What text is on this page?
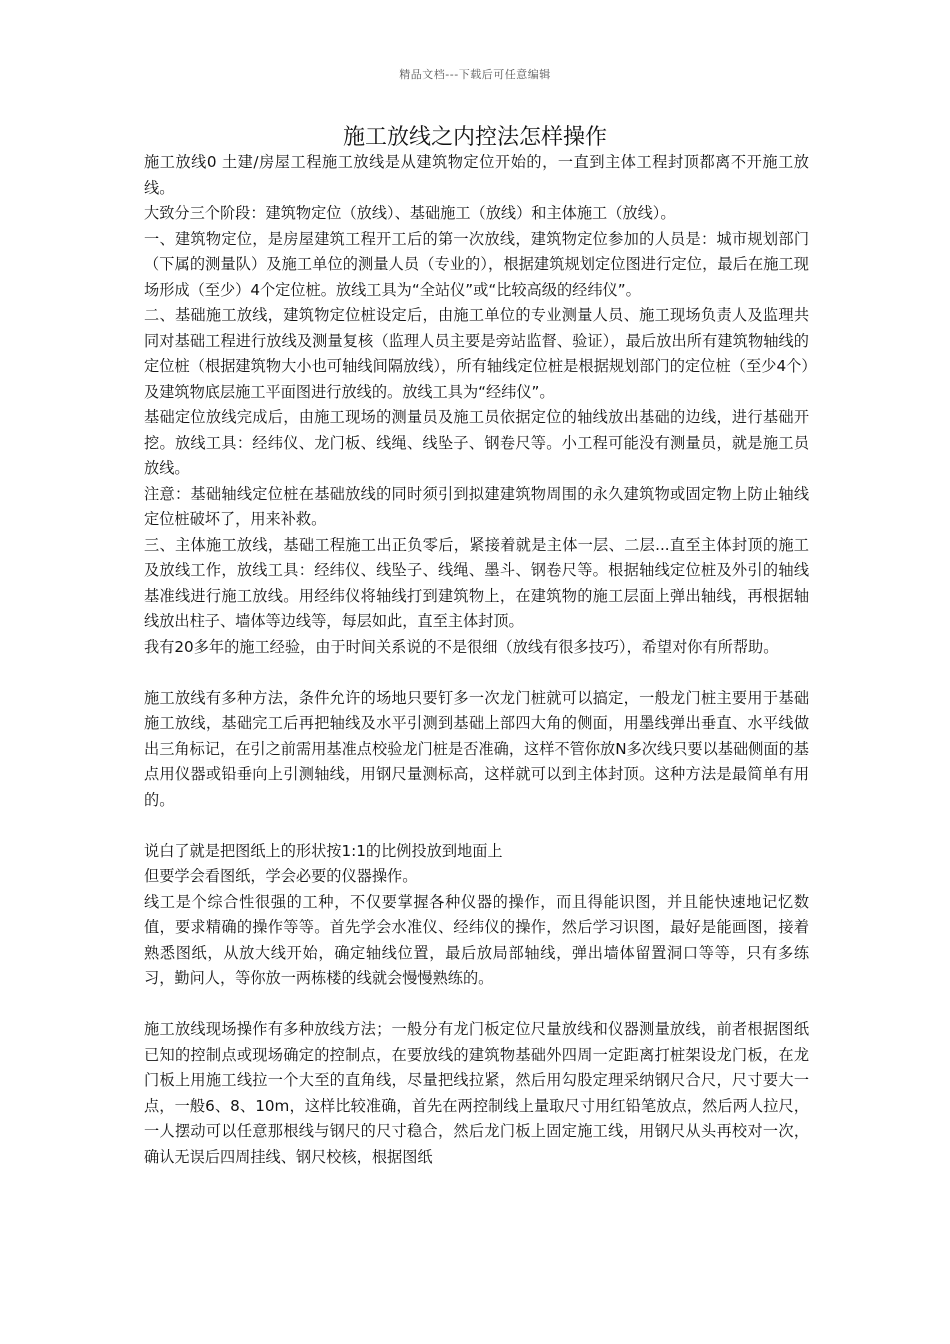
精品文档---下载后可任意编辑
施工放线之内控法怎样操作

施工放线0 土建/房屋工程施工放线是从建筑物定位开始的，一直到主体工程封顶都离不开施工放线。

大致分三个阶段：建筑物定位（放线）、基础施工（放线）和主体施工（放线）。

一、建筑物定位，是房屋建筑工程开工后的第一次放线，建筑物定位参加的人员是：城市规划部门（下属的测量队）及施工单位的测量人员（专业的），根据建筑规划定位图进行定位，最后在施工现场形成（至少）4个定位桩。放线工具为“全站仪”或“比较高级的经纬仪”。

二、基础施工放线，建筑物定位桩设定后，由施工单位的专业测量人员、施工现场负责人及监理共同对基础工程进行放线及测量复核（监理人员主要是旁站监督、验证），最后放出所有建筑物轴线的定位桩（根据建筑物大小也可轴线间隔放线），所有轴线定位桩是根据规划部门的定位桩（至少4个）及建筑物底层施工平面图进行放线的。放线工具为“经纬仪”。

基础定位放线完成后，由施工现场的测量员及施工员依据定位的轴线放出基础的边线，进行基础开挖。放线工具：经纬仪、龙门板、线绳、线坠子、钢卷尺等。小工程可能没有测量员，就是施工员放线。

注意：基础轴线定位桩在基础放线的同时须引到拟建建筑物周围的永久建筑物或固定物上防止轴线定位桩破坏了，用来补救。

三、主体施工放线，基础工程施工出正负零后，紧接着就是主体一层、二层...直至主体封顶的施工及放线工作，放线工具：经纬仪、线坠子、线绳、墨斗、钢卷尺等。根据轴线定位桩及外引的轴线基准线进行施工放线。用经纬仪将轴线打到建筑物上，在建筑物的施工层面上弹出轴线，再根据轴线放出柱子、墙体等边线等，每层如此，直至主体封顶。

我有20多年的施工经验，由于时间关系说的不是很细（放线有很多技巧），希望对你有所帮助。

施工放线有多种方法，条件允许的场地只要钉多一次龙门桩就可以搞定，一般龙门桩主要用于基础施工放线，基础完工后再把轴线及水平引测到基础上部四大角的侧面，用墨线弹出垂直、水平线做出三角标记，在引之前需用基准点校验龙门桩是否准确，这样不管你放N多次线只要以基础侧面的基点用仪器或铅垂向上引测轴线，用钢尺量测标高，这样就可以到主体封顶。这种方法是最简单有用的。

说白了就是把图纸上的形状按1:1的比例投放到地面上

但要学会看图纸，学会必要的仪器操作。

线工是个综合性很强的工种，不仅要掌握各种仪器的操作，而且得能识图，并且能快速地记忆数值，要求精确的操作等等。首先学会水准仪、经纬仪的操作，然后学习识图，最好是能画图，接着熟悉图纸，从放大线开始，确定轴线位置，最后放局部轴线，弹出墙体留置洞口等等，只有多练习，勤问人，等你放一两栋楼的线就会慢慢熟练的。

施工放线现场操作有多种放线方法；一般分有龙门板定位尺量放线和仪器测量放线，前者根据图纸已知的控制点或现场确定的控制点，在要放线的建筑物基础外四周一定距离打桩架设龙门板，在龙门板上用施工线拉一个大至的直角线，尽量把线拉紧，然后用勾股定理采纳钢尺合尺，尺寸要大一点，一般6、8、10m，这样比较准确，首先在两控制线上量取尺寸用红铅笔放点，然后两人拉尺，一人摆动可以任意那根线与钢尺的尺寸稳合，然后龙门板上固定施工线，用钢尺从头再校对一次，确认无误后四周挂线、钢尺校核，根据图纸
